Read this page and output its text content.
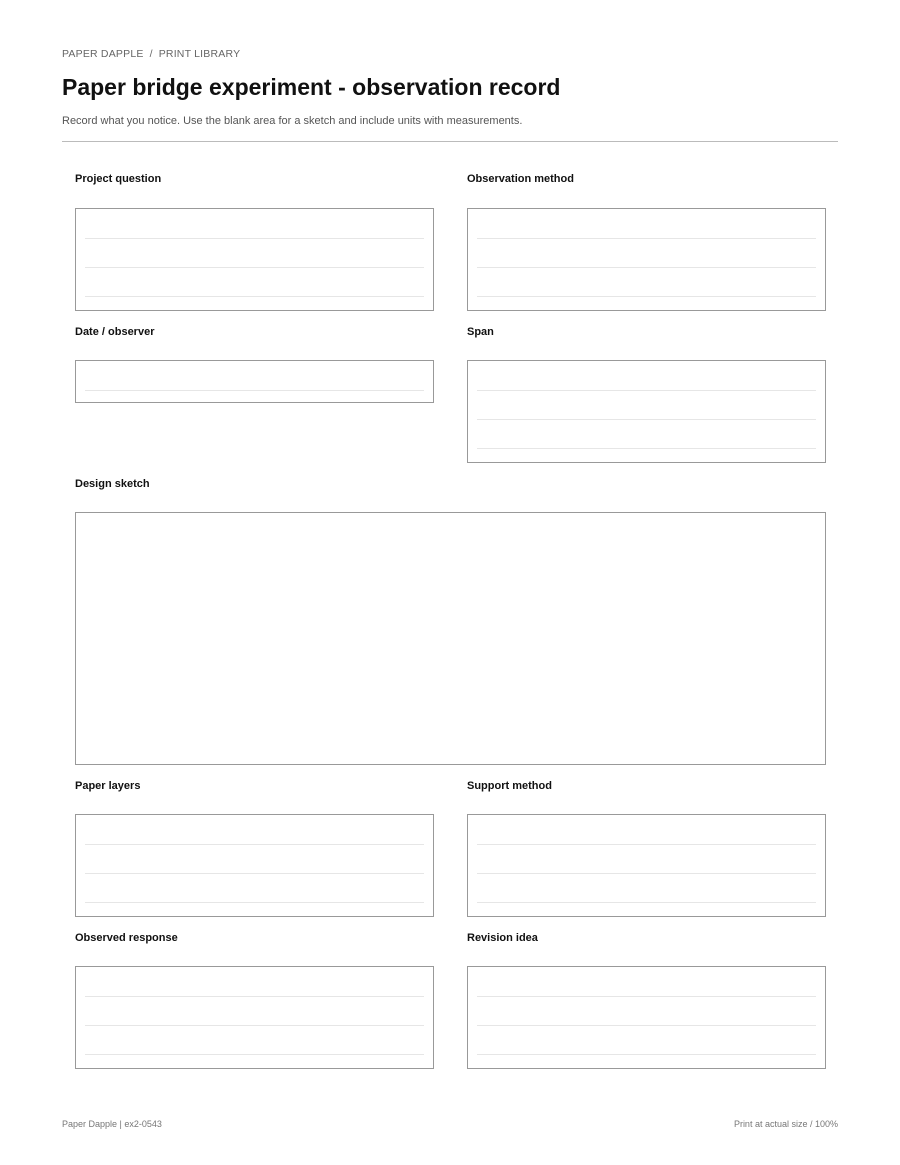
PAPER DAPPLE / PRINT LIBRARY
Paper bridge experiment - observation record

Record what you notice. Use the blank area for a sketch and include units with measurements.

Project question	Observation method
Date / observer	Span
Design sketch
Paper layers	Support method
Observed response	Revision idea
Paper Dapple | ex2-0543	Print at actual size / 100%
